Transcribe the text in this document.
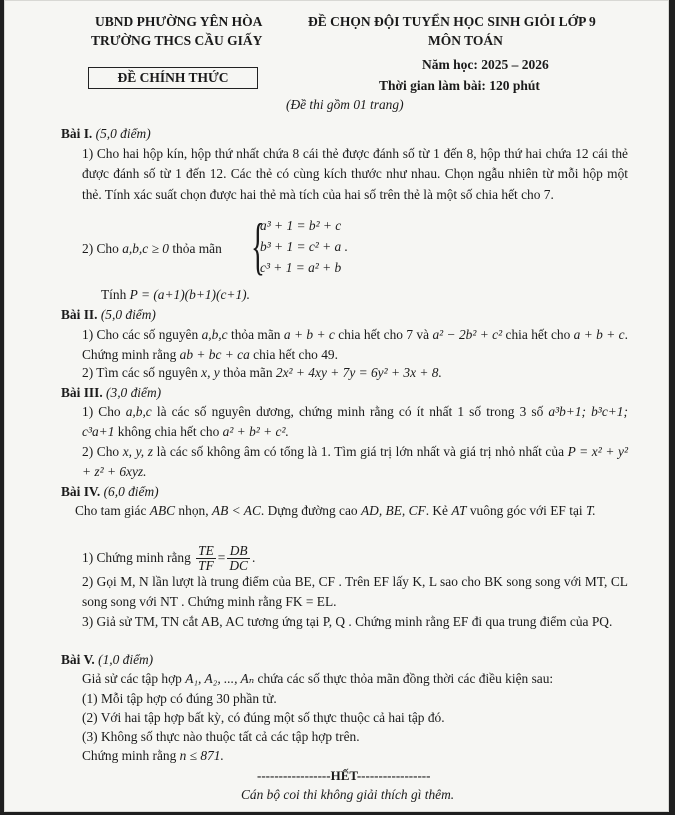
UBND PHƯỜNG YÊN HÒA
TRƯỜNG THCS CẦU GIẤY
ĐỀ CHÍNH THỨC
ĐỀ CHỌN ĐỘI TUYỂN HỌC SINH GIỎI LỚP 9
MÔN TOÁN
Năm học: 2025 – 2026
Thời gian làm bài: 120 phút
(Đề thi gồm 01 trang)
Bài I. (5,0 điểm)
1) Cho hai hộp kín, hộp thứ nhất chứa 8 cái thẻ được đánh số từ 1 đến 8, hộp thứ hai chứa 12 cái thẻ được đánh số từ 1 đến 12. Các thẻ có cùng kích thước như nhau. Chọn ngẫu nhiên từ mỗi hộp một thẻ. Tính xác suất chọn được hai thẻ mà tích của hai số trên thẻ là một số chia hết cho 7.
2) Cho a,b,c ≥ 0 thỏa mãn {
a³ + 1 = b² + c
b³ + 1 = c² + a .
c³ + 1 = a² + b
Tính P = (a+1)(b+1)(c+1).
Bài II. (5,0 điểm)
1) Cho các số nguyên a,b,c thỏa mãn a + b + c chia hết cho 7 và a² − 2b² + c² chia hết cho a + b + c. Chứng minh rằng ab + bc + ca chia hết cho 49.
2) Tìm các số nguyên x, y thỏa mãn 2x² + 4xy + 7y = 6y² + 3x + 8.
Bài III. (3,0 điểm)
1) Cho a,b,c là các số nguyên dương, chứng minh rằng có ít nhất 1 số trong 3 số a³b+1; b³c+1; c³a+1 không chia hết cho a² + b² + c².
2) Cho x, y, z là các số không âm có tổng là 1. Tìm giá trị lớn nhất và giá trị nhỏ nhất của P = x² + y² + z² + 6xyz.
Bài IV. (6,0 điểm)
Cho tam giác ABC nhọn, AB < AC. Dựng đường cao AD, BE, CF. Kẻ AT vuông góc với EF tại T.
1) Chứng minh rằng $\frac{TE}{TF} = \frac{DB}{DC}$ .
2) Gọi M, N lần lượt là trung điểm của BE, CF . Trên EF lấy K, L sao cho BK song song với MT, CL song song với NT . Chứng minh rằng FK = EL.
3) Giả sử TM, TN cắt AB, AC tương ứng tại P, Q . Chứng minh rằng EF đi qua trung điểm của PQ.
Bài V. (1,0 điểm)
Giả sử các tập hợp A₁, A₂, ..., Aₙ chứa các số thực thỏa mãn đồng thời các điều kiện sau:
(1) Mỗi tập hợp có đúng 30 phần tử.
(2) Với hai tập hợp bất kỳ, có đúng một số thực thuộc cả hai tập đó.
(3) Không số thực nào thuộc tất cả các tập hợp trên.
Chứng minh rằng n ≤ 871.
-----------------HẾT-----------------
Cán bộ coi thi không giải thích gì thêm.
